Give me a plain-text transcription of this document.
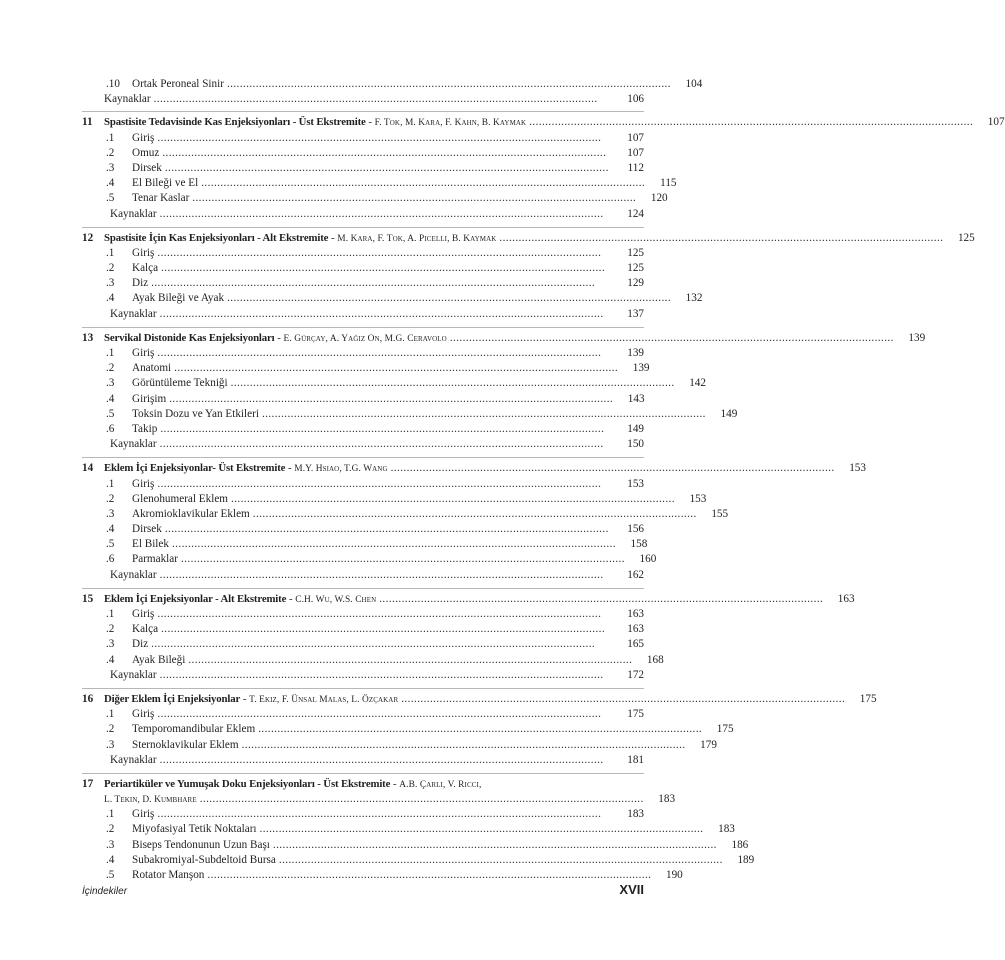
.10	Ortak Peroneal Sinir . . .	104
Kaynaklar . . .	106
11 Spastisite Tedavisinde Kas Enjeksiyonları - Üst Ekstremite - F. Tok, M. Kara, F. Kahn, B. Kaymak . . .	107
.1	Giriş . . .	107
.2	Omuz . . .	107
.3	Dirsek . . .	112
.4	El Bileği ve El . . .	115
.5	Tenar Kaslar . . .	120
Kaynaklar . . .	124
12 Spastisite İçin Kas Enjeksiyonları - Alt Ekstremite - M. Kara, F. Tok, A. Picelli, B. Kaymak . . .	125
.1	Giriş . . .	125
.2	Kalça . . .	125
.3	Diz . . .	129
.4	Ayak Bileği ve Ayak . . .	132
Kaynaklar . . .	137
13 Servikal Distonide Kas Enjeksiyonları - E. Gürçay, A. Yağız On, M.G. Ceravolo . . .	139
.1	Giriş . . .	139
.2	Anatomi . . .	139
.3	Görüntüleme Tekniği . . .	142
.4	Girişim . . .	143
.5	Toksin Dozu ve Yan Etkileri . . .	149
.6	Takip . . .	149
Kaynaklar . . .	150
14 Eklem İçi Enjeksiyonlar- Üst Ekstremite - M.Y. Hsiao, T.G. Wang . . .	153
.1	Giriş . . .	153
.2	Glenohumeral Eklem . . .	153
.3	Akromioklavikular Eklem . . .	155
.4	Dirsek . . .	156
.5	El Bilek . . .	158
.6	Parmaklar . . .	160
Kaynaklar . . .	162
15 Eklem İçi Enjeksiyonlar - Alt Ekstremite - C.H. Wu, W.S. Chen . . .	163
.1	Giriş . . .	163
.2	Kalça . . .	163
.3	Diz . . .	165
.4	Ayak Bileği . . .	168
Kaynaklar . . .	172
16 Diğer Eklem İçi Enjeksiyonlar - T. Ekiz, F. Ünsal Malas, L. Özçakar . . .	175
.1	Giriş . . .	175
.2	Temporomandibular Eklem . . .	175
.3	Sternoklavikular Eklem . . .	179
Kaynaklar . . .	181
17 Periartiküler ve Yumuşak Doku Enjeksiyonları - Üst Ekstremite - A.B. Çarlı, V. Ricci,
L. Tekin, D. Kumbhare . . .	183
.1	Giriş . . .	183
.2	Miyofasiyal Tetik Noktaları . . .	183
.3	Biseps Tendonunun Uzun Başı . . .	186
.4	Subakromiyal-Subdeltoid Bursa . . .	189
.5	Rotator Manşon . . .	190
İçindekiler	XVII
